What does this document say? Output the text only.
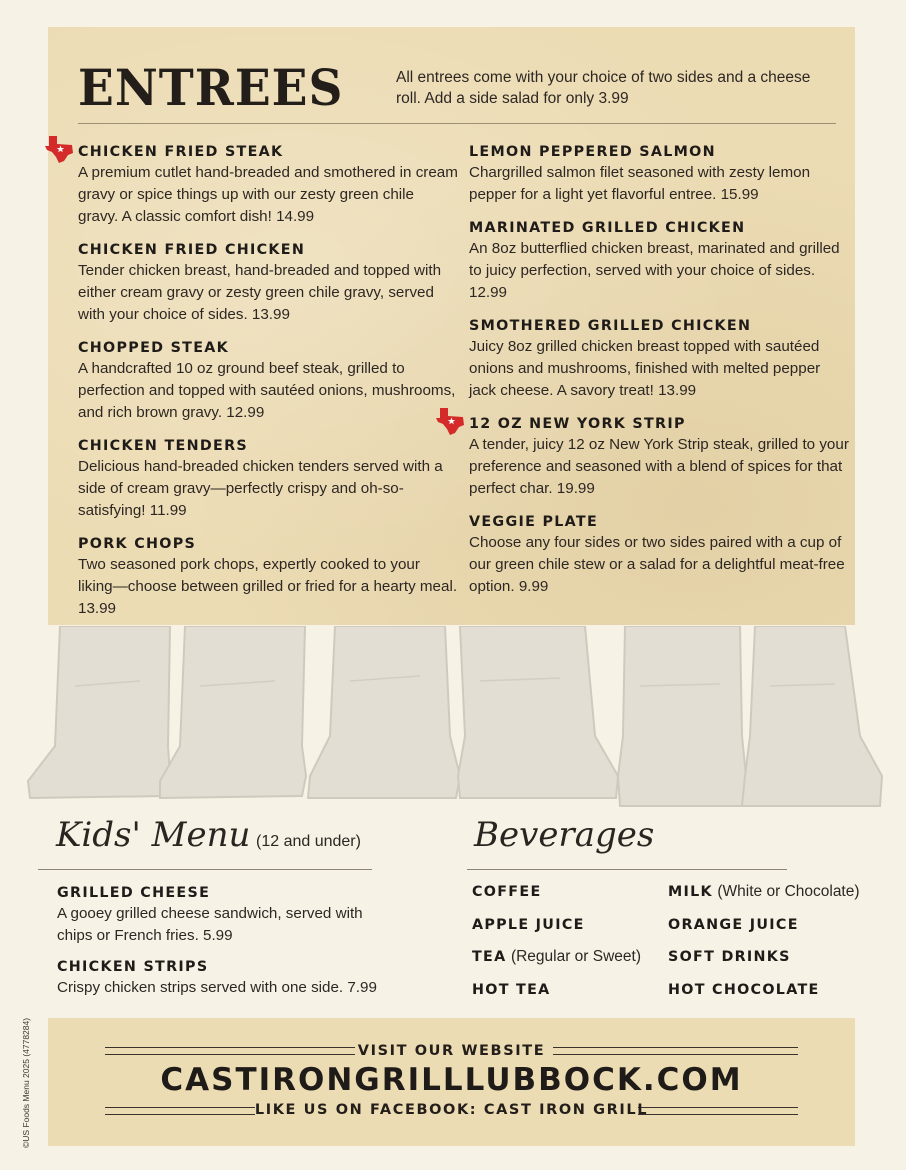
ENTREES	All entrees come with your choice of two sides and a cheese roll. Add a side salad for only 3.99
CHICKEN FRIED STEAK
A premium cutlet hand-breaded and smothered in cream gravy or spice things up with our zesty green chile gravy. A classic comfort dish! 14.99
CHICKEN FRIED CHICKEN
Tender chicken breast, hand-breaded and topped with either cream gravy or zesty green chile gravy, served with your choice of sides. 13.99
CHOPPED STEAK
A handcrafted 10 oz ground beef steak, grilled to perfection and topped with sautéed onions, mushrooms, and rich brown gravy. 12.99
CHICKEN TENDERS
Delicious hand-breaded chicken tenders served with a side of cream gravy—perfectly crispy and oh-so-satisfying! 11.99
PORK CHOPS
Two seasoned pork chops, expertly cooked to your liking—choose between grilled or fried for a hearty meal. 13.99
LEMON PEPPERED SALMON
Chargrilled salmon filet seasoned with zesty lemon pepper for a light yet flavorful entree. 15.99
MARINATED GRILLED CHICKEN
An 8oz butterflied chicken breast, marinated and grilled to juicy perfection, served with your choice of sides. 12.99
SMOTHERED GRILLED CHICKEN
Juicy 8oz grilled chicken breast topped with sautéed onions and mushrooms, finished with melted pepper jack cheese. A savory treat! 13.99
12 OZ NEW YORK STRIP
A tender, juicy 12 oz New York Strip steak, grilled to your preference and seasoned with a blend of spices for that perfect char. 19.99
VEGGIE PLATE
Choose any four sides or two sides paired with a cup of our green chile stew or a salad for a delightful meat-free option. 9.99
Kids' Menu (12 and under)
GRILLED CHEESE
A gooey grilled cheese sandwich, served with chips or French fries. 5.99
CHICKEN STRIPS
Crispy chicken strips served with one side. 7.99
Beverages
COFFEE
APPLE JUICE
TEA (Regular or Sweet)
HOT TEA
MILK (White or Chocolate)
ORANGE JUICE
SOFT DRINKS
HOT CHOCOLATE
VISIT OUR WEBSITE
CASTIRONGRILLLUBBOCK.COM
LIKE US ON FACEBOOK: CAST IRON GRILL
©US Foods Menu 2025 (4778284)
